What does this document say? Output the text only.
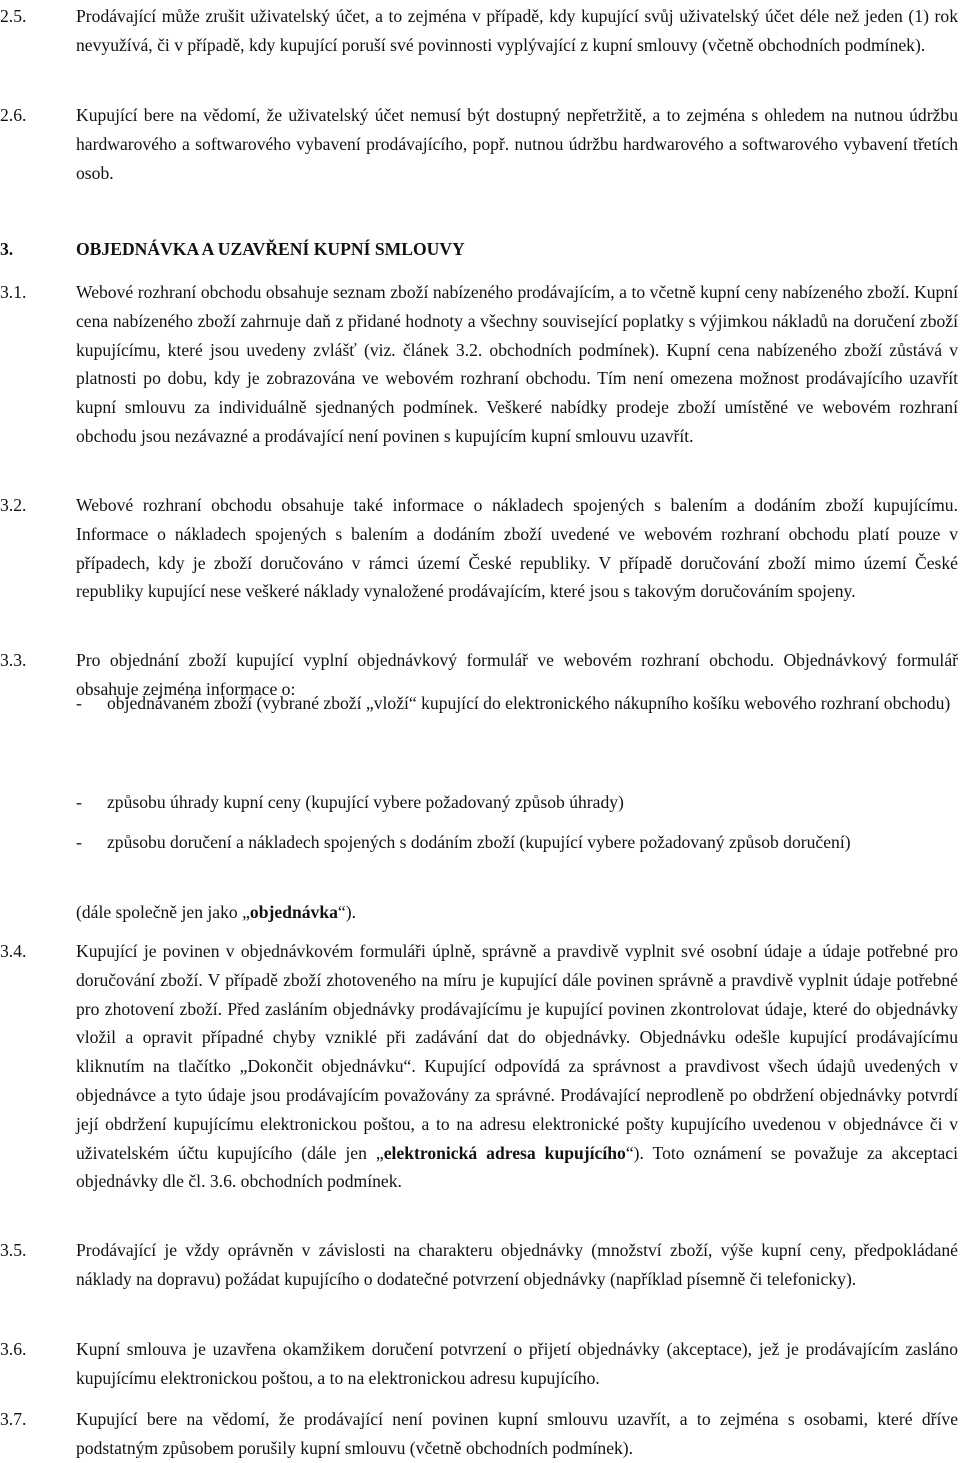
2.5.	Prodávající může zrušit uživatelský účet, a to zejména v případě, kdy kupující svůj uživatelský účet déle než jeden (1) rok nevyužívá, či v případě, kdy kupující poruší své povinnosti vyplývající z kupní smlouvy (včetně obchodních podmínek).
2.6.	Kupující bere na vědomí, že uživatelský účet nemusí být dostupný nepřetržitě, a to zejména s ohledem na nutnou údržbu hardwarového a softwarového vybavení prodávajícího, popř. nutnou údržbu hardwarového a softwarového vybavení třetích osob.
3.	OBJEDNÁVKA A UZAVŘENÍ KUPNÍ SMLOUVY
3.1.	Webové rozhraní obchodu obsahuje seznam zboží nabízeného prodávajícím, a to včetně kupní ceny nabízeného zboží. Kupní cena nabízeného zboží zahrnuje daň z přidané hodnoty a všechny související poplatky s výjimkou nákladů na doručení zboží kupujícímu, které jsou uvedeny zvlášť (viz. článek 3.2. obchodních podmínek). Kupní cena nabízeného zboží zůstává v platnosti po dobu, kdy je zobrazována ve webovém rozhraní obchodu. Tím není omezena možnost prodávajícího uzavřít kupní smlouvu za individuálně sjednaných podmínek. Veškeré nabídky prodeje zboží umístěné ve webovém rozhraní obchodu jsou nezávazné a prodávající není povinen s kupujícím kupní smlouvu uzavřít.
3.2.	Webové rozhraní obchodu obsahuje také informace o nákladech spojených s balením a dodáním zboží kupujícímu. Informace o nákladech spojených s balením a dodáním zboží uvedené ve webovém rozhraní obchodu platí pouze v případech, kdy je zboží doručováno v rámci území České republiky. V případě doručování zboží mimo území České republiky kupující nese veškeré náklady vynaložené prodávajícím, které jsou s takovým doručováním spojeny.
3.3.	Pro objednání zboží kupující vyplní objednávkový formulář ve webovém rozhraní obchodu. Objednávkový formulář obsahuje zejména informace o:
- objednávaném zboží (vybrané zboží „vloží“ kupující do elektronického nákupního košíku webového rozhraní obchodu)
- způsobu úhrady kupní ceny (kupující vybere požadovaný způsob úhrady)
- způsobu doručení a nákladech spojených s dodáním zboží (kupující vybere požadovaný způsob doručení)
(dále společně jen jako „objednávka“).
3.4.	Kupující je povinen v objednávkovém formuláři úplně, správně a pravdivě vyplnit své osobní údaje a údaje potřebné pro doručování zboží. V případě zboží zhotoveného na míru je kupující dále povinen správně a pravdivě vyplnit údaje potřebné pro zhotovení zboží. Před zasláním objednávky prodávajícímu je kupující povinen zkontrolovat údaje, které do objednávky vložil a opravit případné chyby vzniklé při zadávání dat do objednávky. Objednávku odešle kupující prodávajícímu kliknutím na tlačítko „Dokončit objednávku“. Kupující odpovídá za správnost a pravdivost všech údajů uvedených v objednávce a tyto údaje jsou prodávajícím považovány za správné. Prodávající neprodleně po obdržení objednávky potvrdí její obdržení kupujícímu elektronickou poštou, a to na adresu elektronické pošty kupujícího uvedenou v objednávce či v uživatelském účtu kupujícího (dále jen „elektronická adresa kupujícího“). Toto oznámení se považuje za akceptaci objednávky dle čl. 3.6. obchodních podmínek.
3.5.	Prodávající je vždy oprávněn v závislosti na charakteru objednávky (množství zboží, výše kupní ceny, předpokládané náklady na dopravu) požádat kupujícího o dodatečné potvrzení objednávky (například písemně či telefonicky).
3.6.	Kupní smlouva je uzavřena okamžikem doručení potvrzení o přijetí objednávky (akceptace), jež je prodávajícím zasláno kupujícímu elektronickou poštou, a to na elektronickou adresu kupujícího.
3.7.	Kupující bere na vědomí, že prodávající není povinen kupní smlouvu uzavřít, a to zejména s osobami, které dříve podstatným způsobem porušily kupní smlouvu (včetně obchodních podmínek).
